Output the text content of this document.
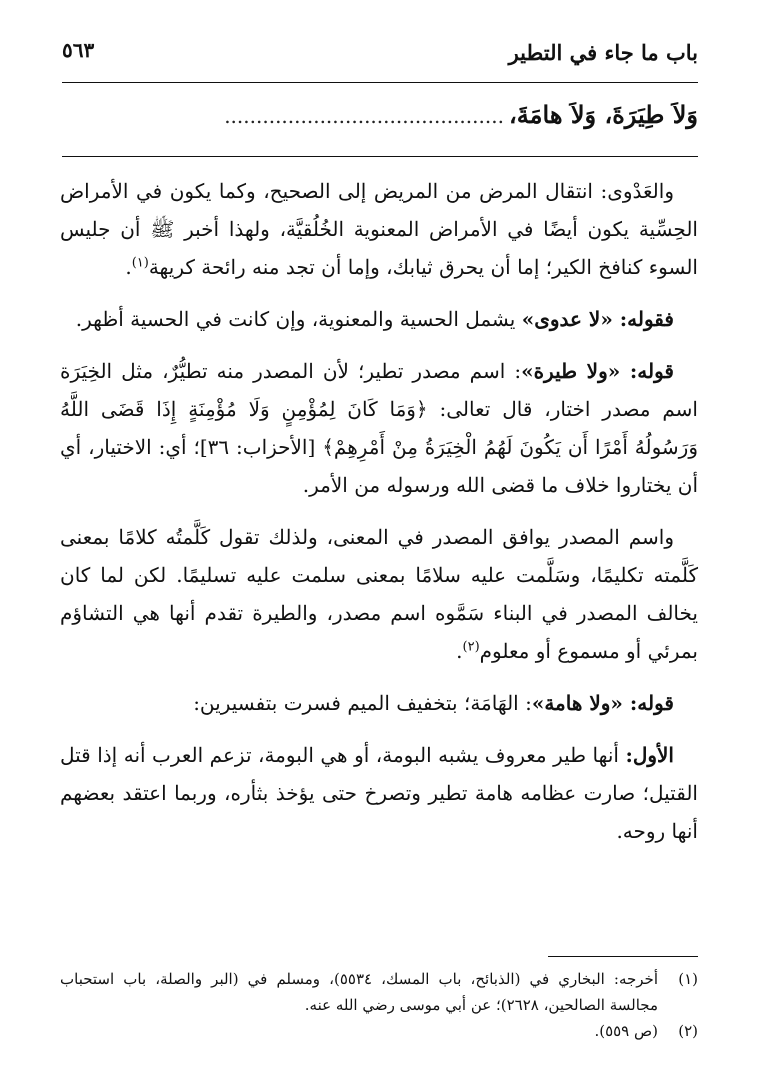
باب ما جاء في التطير
٥٦٣
وَلاَ طِيَرَةَ، وَلاَ هامَةَ، ............................................

والعَدْوى: انتقال المرض من المريض إلى الصحيح، وكما يكون في الأمراض الحِسِّية يكون أيضًا في الأمراض المعنوية الخُلُقيَّة، ولهذا أخبر ﷺ أن جليس السوء كنافخ الكير؛ إما أن يحرق ثيابك، وإما أن تجد منه رائحة كريهة$^{(١)}$.

فقوله: «لا عدوى» يشمل الحسية والمعنوية، وإن كانت في الحسية أظهر.

قوله: «ولا طيرة»: اسم مصدر تطير؛ لأن المصدر منه تطيُّرٌ، مثل الخِيَرَة اسم مصدر اختار، قال تعالى: ﴿وَمَا كَانَ لِمُؤْمِنٍ وَلَا مُؤْمِنَةٍ إِذَا قَضَى اللَّهُ وَرَسُولُهُ أَمْرًا أَن يَكُونَ لَهُمُ الْخِيَرَةُ مِنْ أَمْرِهِمْ﴾ [الأحزاب: ٣٦]؛ أي: الاختيار، أي أن يختاروا خلاف ما قضى الله ورسوله من الأمر.

واسم المصدر يوافق المصدر في المعنى، ولذلك تقول كَلَّمتُه كلامًا بمعنى كَلَّمته تكليمًا، وسَلَّمت عليه سلامًا بمعنى سلمت عليه تسليمًا. لكن لما كان يخالف المصدر في البناء سَمَّوه اسم مصدر، والطيرة تقدم أنها هي التشاؤم بمرئي أو مسموع أو معلوم$^{(٢)}$.

قوله: «ولا هامة»: الهَامَة؛ بتخفيف الميم فسرت بتفسيرين:

الأول: أنها طير معروف يشبه البومة، أو هي البومة، تزعم العرب أنه إذا قتل القتيل؛ صارت عظامه هامة تطير وتصرخ حتى يؤخذ بثأره، وربما اعتقد بعضهم أنها روحه.

(١)
أخرجه: البخاري في (الذبائح، باب المسك، ٥٥٣٤)، ومسلم في (البر والصلة، باب استحباب مجالسة الصالحين، ٢٦٢٨)؛ عن أبي موسى رضي الله عنه.
(٢)
(ص ٥٥٩).
